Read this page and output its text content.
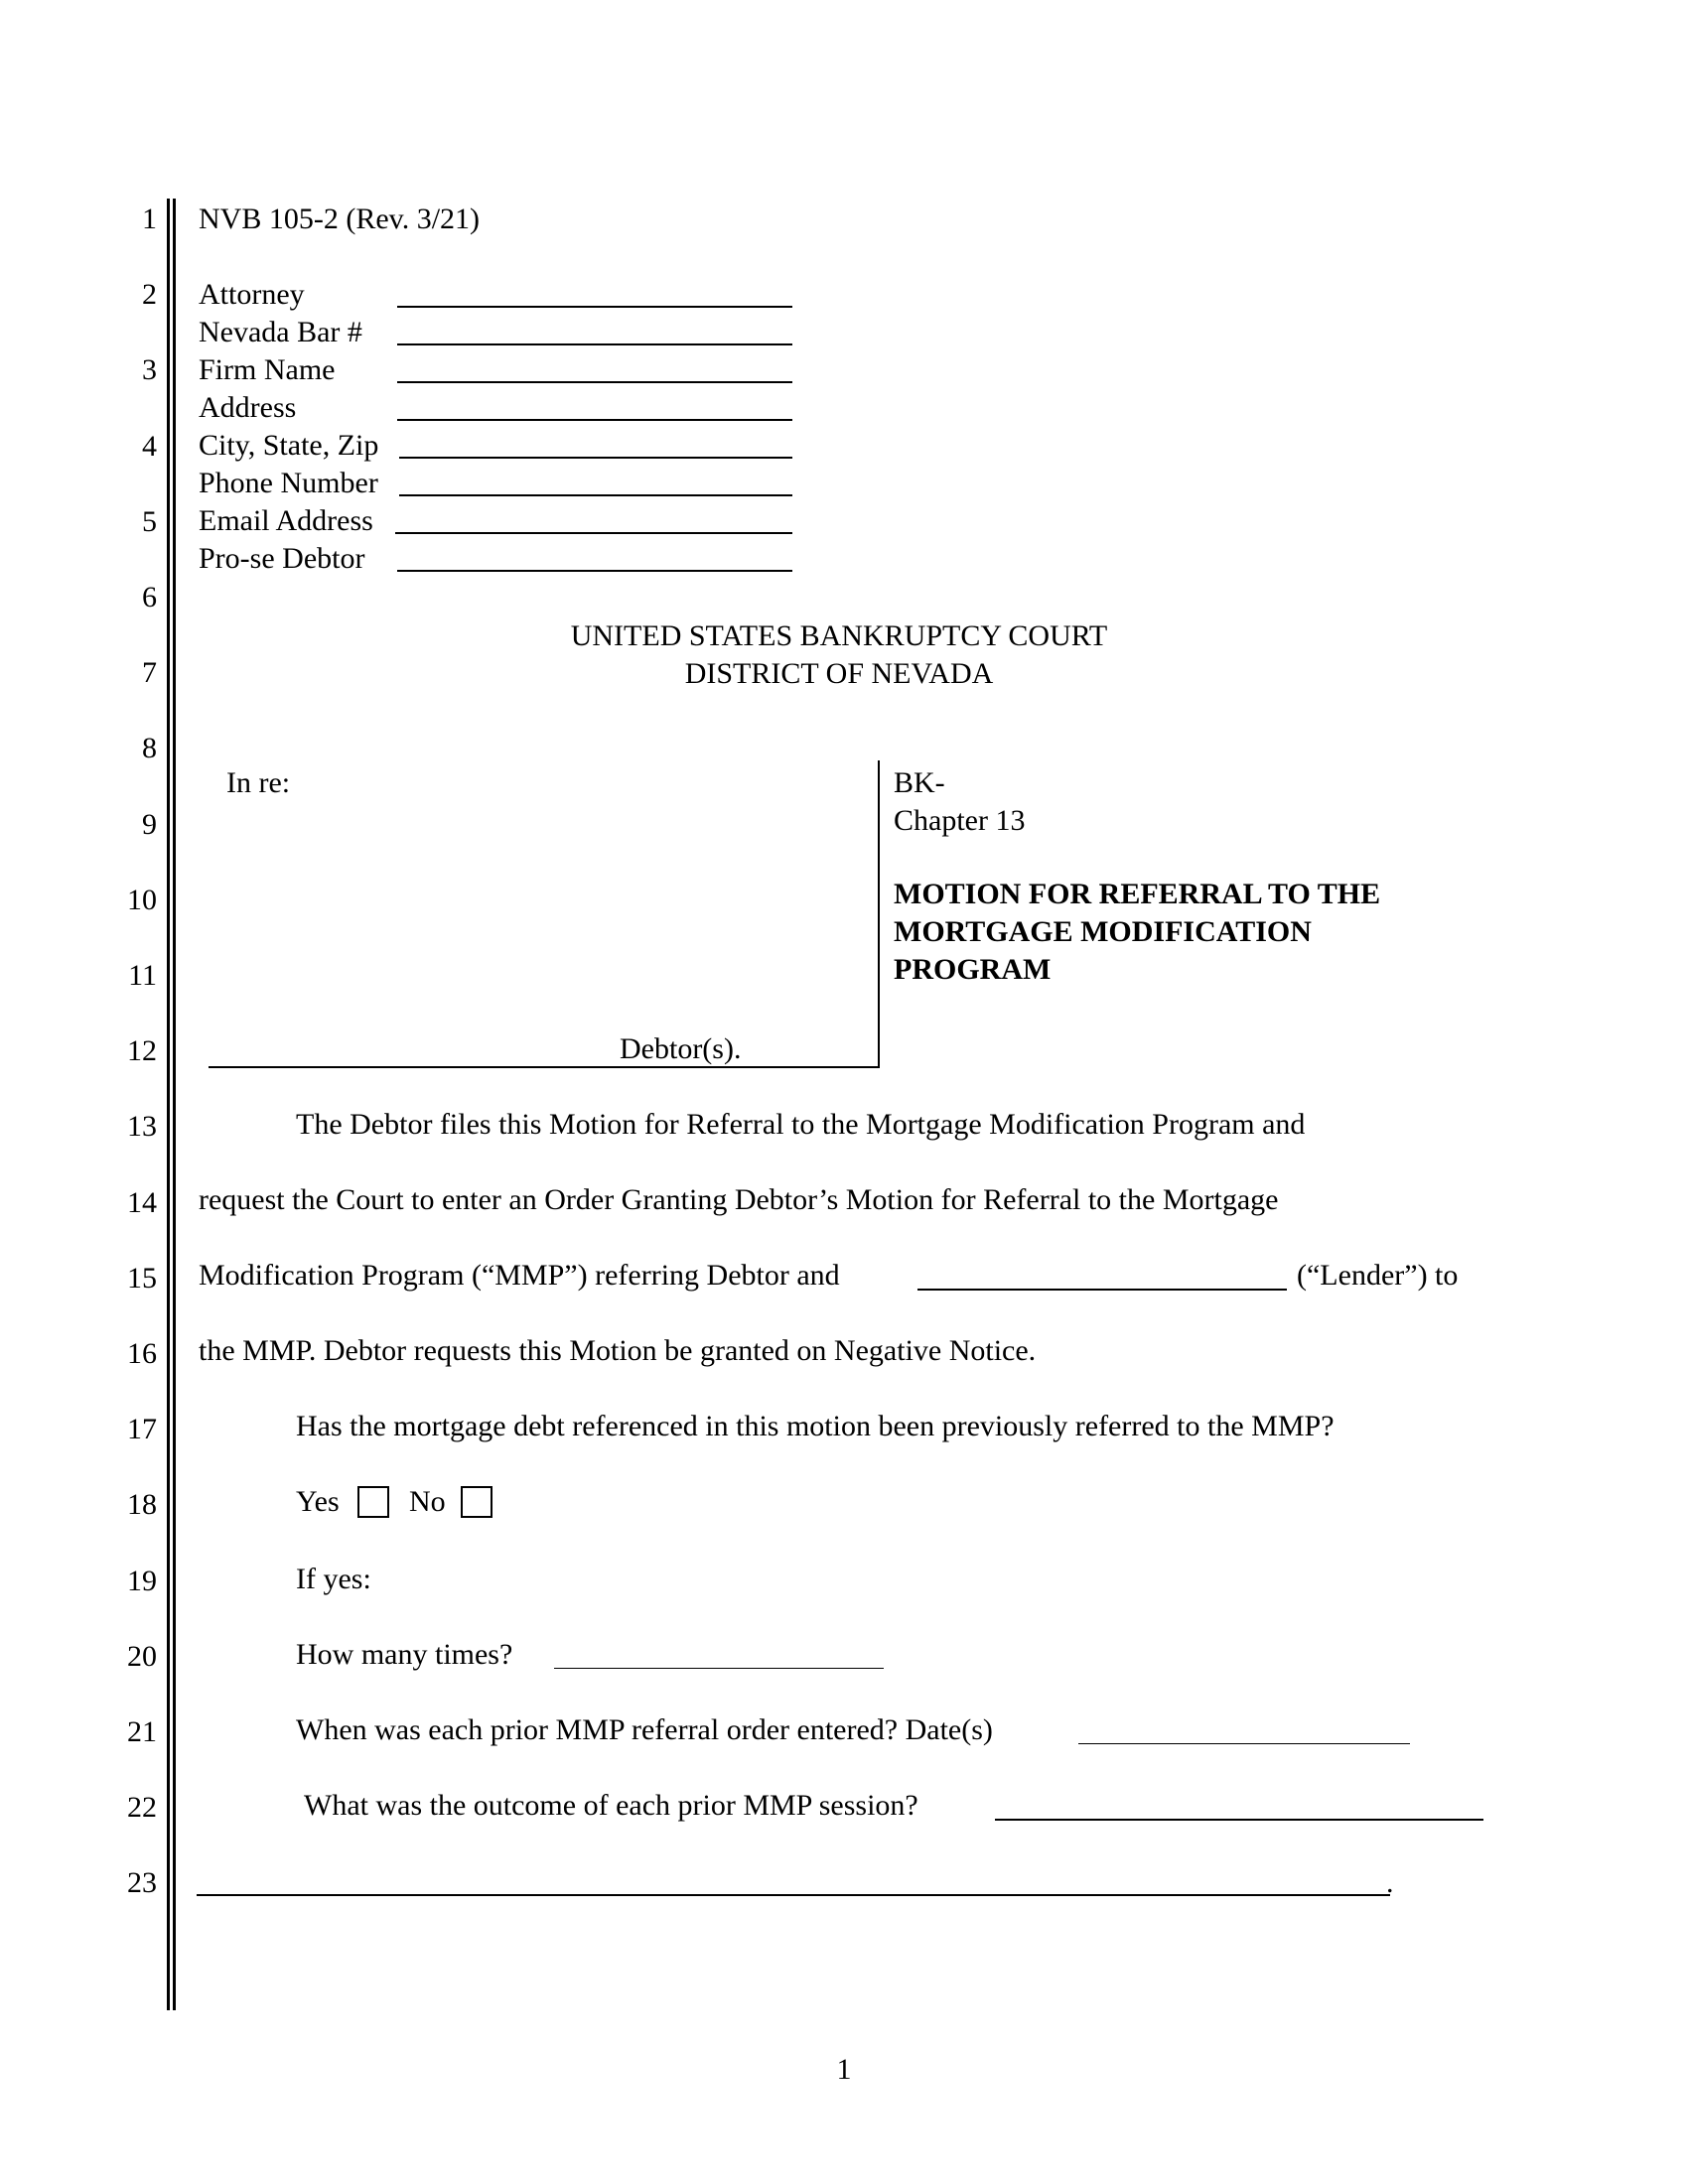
1
2
3
4
5
6
7
8
9
10
11
12
13
14
15
16
17
18
19
20
21
22
23
NVB 105-2 (Rev. 3/21)
Attorney
Nevada Bar #
Firm Name
Address
City, State, Zip
Phone Number
Email Address
Pro-se Debtor
UNITED STATES BANKRUPTCY COURT
DISTRICT OF NEVADA
In re:
Debtor(s).
BK-
Chapter 13
MOTION FOR REFERRAL TO THE
MORTGAGE MODIFICATION
PROGRAM
The Debtor files this Motion for Referral to the Mortgage Modification Program and
request the Court to enter an Order Granting Debtor’s Motion for Referral to the Mortgage
Modification Program (“MMP”) referring Debtor and	(“Lender”) to
the MMP. Debtor requests this Motion be granted on Negative Notice.
Has the mortgage debt referenced in this motion been previously referred to the MMP?
Yes No
If yes:
How many times?
When was each prior MMP referral order entered? Date(s)
What was the outcome of each prior MMP session?
.
1
